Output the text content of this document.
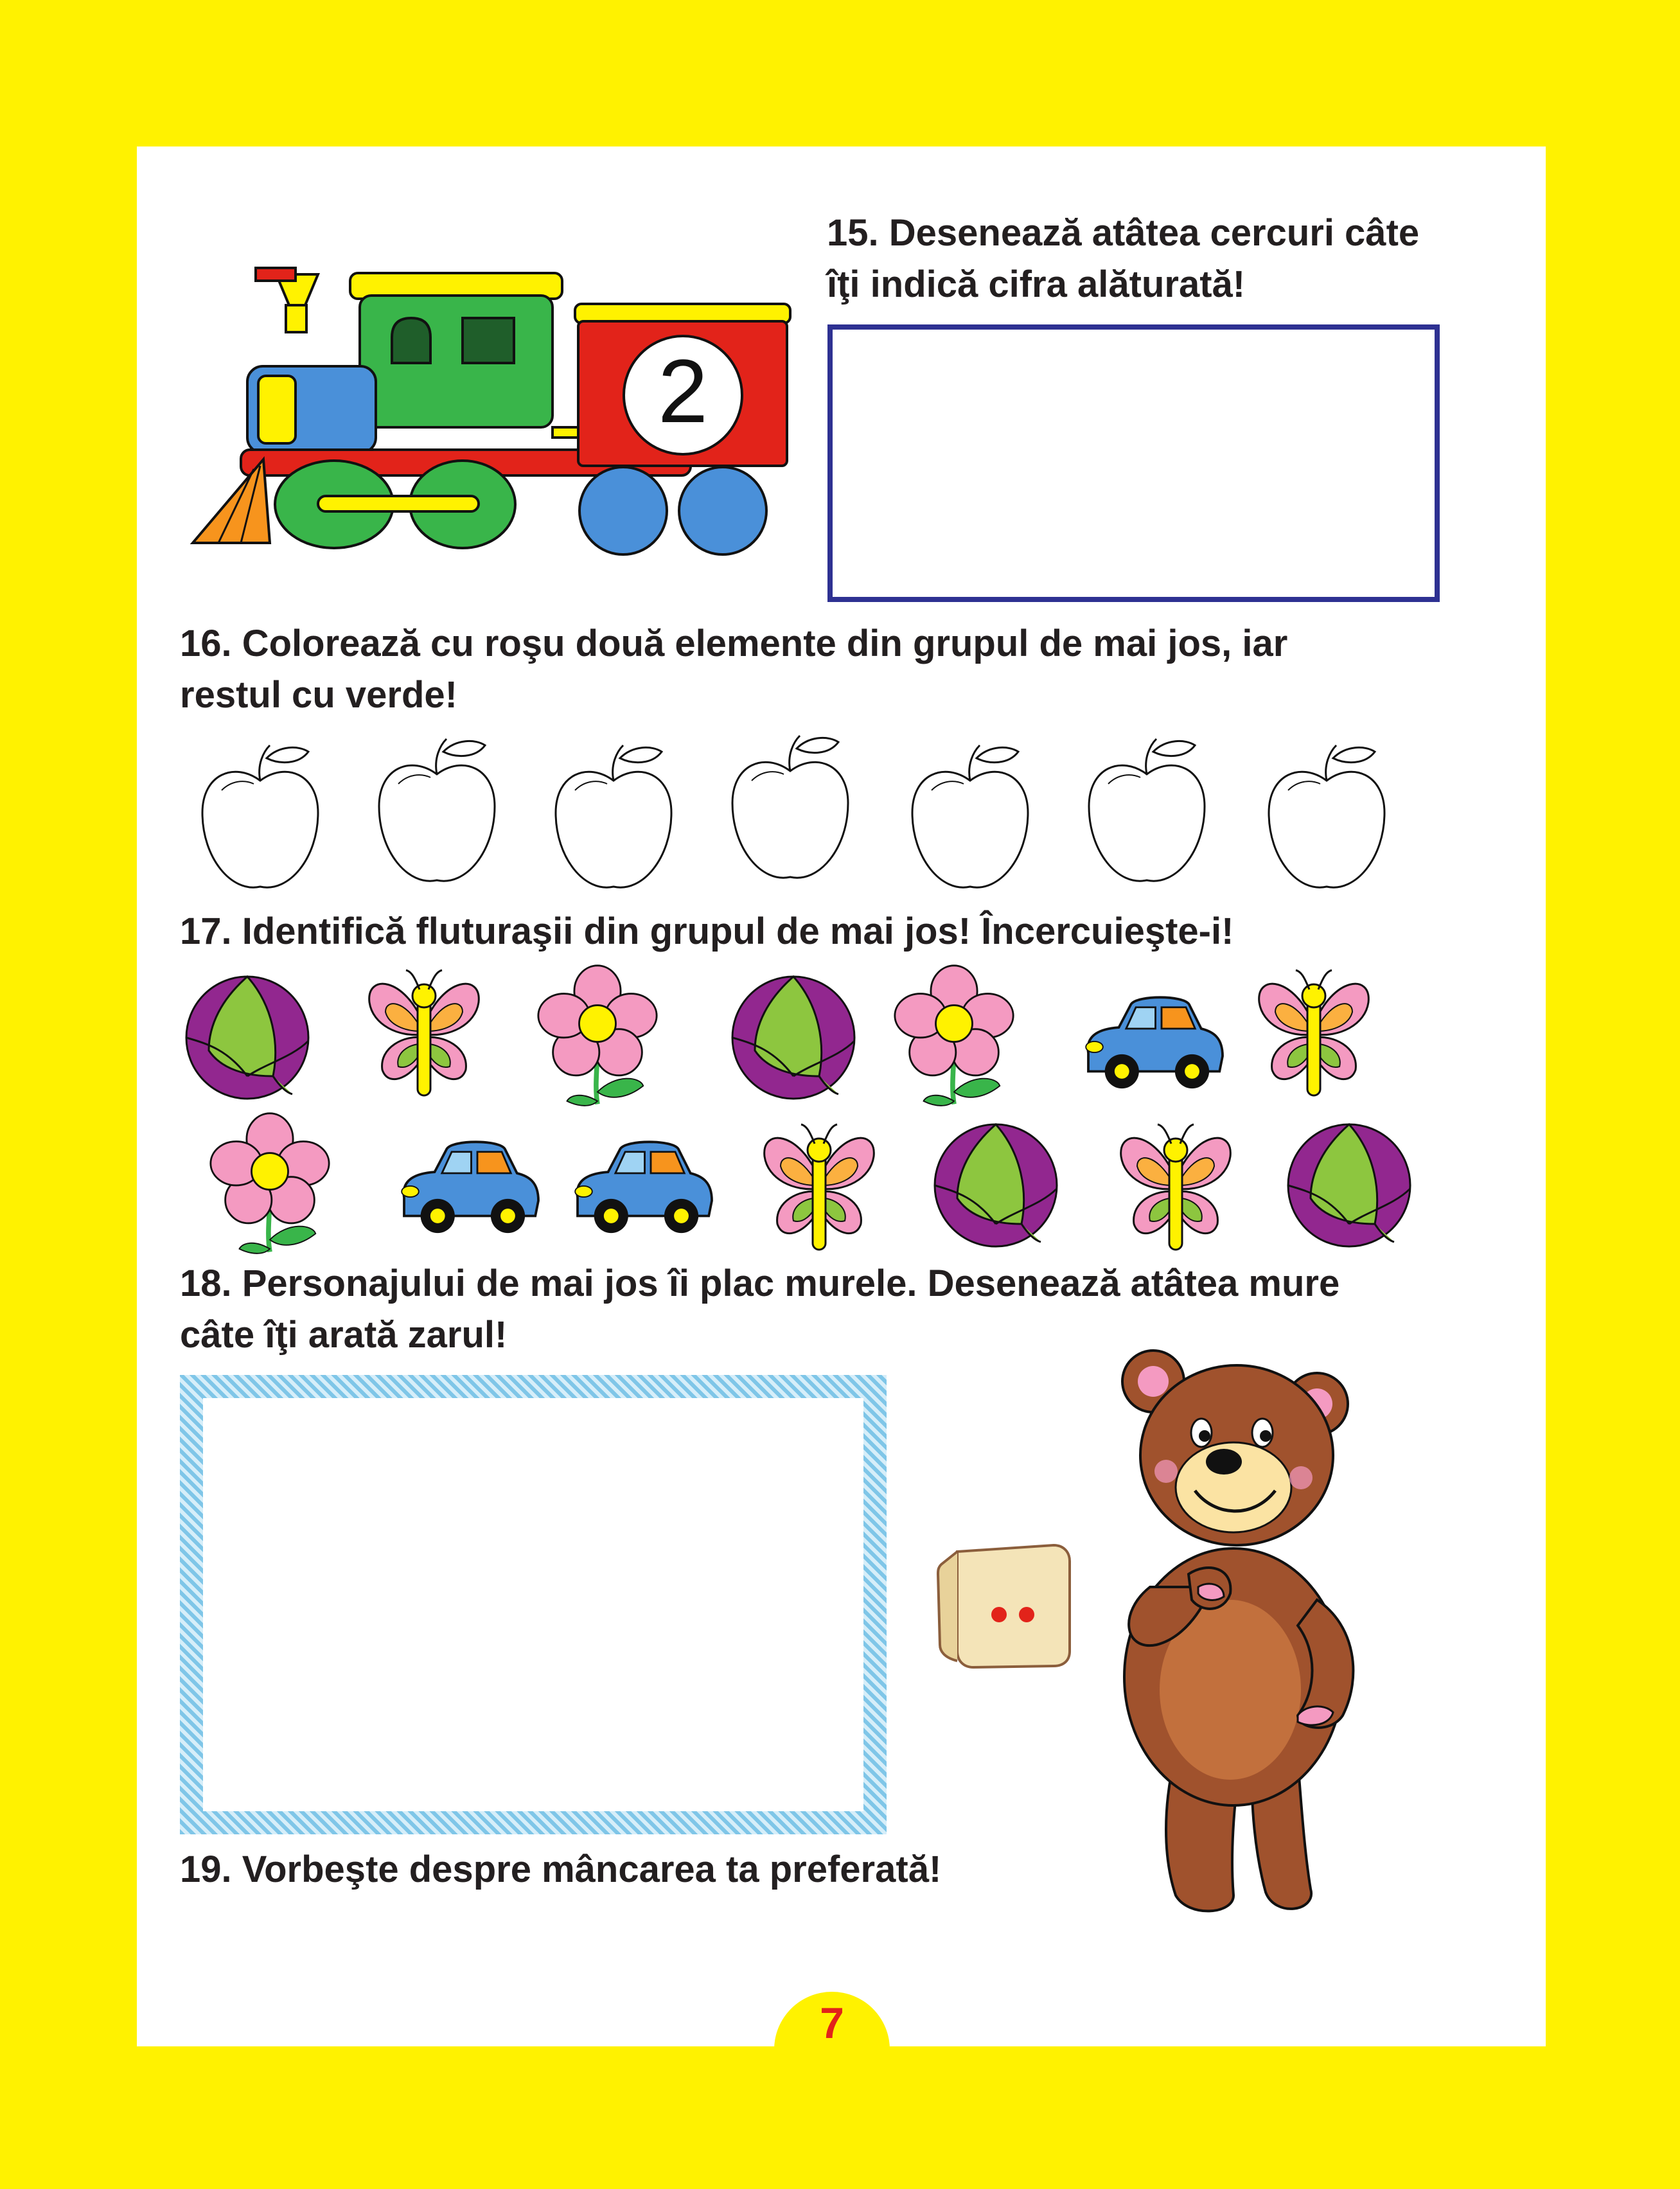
15. Desenează atâtea cercuri câte
îţi indică cifra alăturată!

2

16. Colorează cu roşu două elemente din grupul de mai jos, iar
restul cu verde!

17. Identifică fluturaşii din grupul de mai jos! Încercuieşte-i!

18. Personajului de mai jos îi plac murele. Desenează atâtea mure
câte îţi arată zarul!

19. Vorbeşte despre mâncarea ta preferată!

7
